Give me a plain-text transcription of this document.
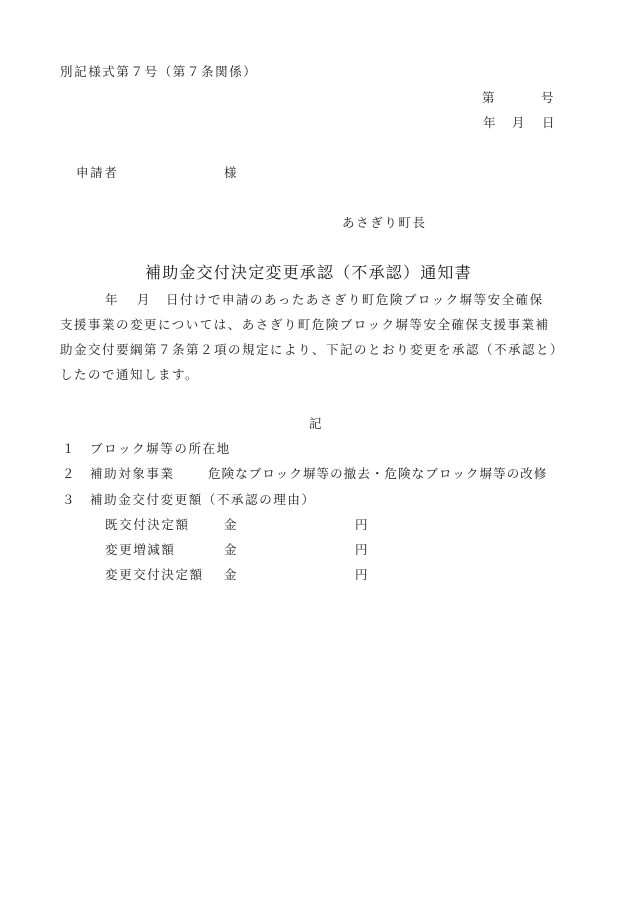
別記様式第７号（第７条関係）
第	号
年 月 日
申請者	様
あさぎり町長
補助金交付決定変更承認（不承認）通知書
年 月 日付けで申請のあったあさぎり町危険ブロック塀等安全確保
支援事業の変更については、あさぎり町危険ブロック塀等安全確保支援事業補
助金交付要綱第７条第２項の規定により、下記のとおり変更を承認（不承認と）
したので通知します。
記
１ ブロック塀等の所在地
２ 補助対象事業	危険なブロック塀等の撤去・危険なブロック塀等の改修
３ 補助金交付変更額（不承認の理由）
既交付決定額	金	円
変更増減額	金	円
変更交付決定額 金	円
